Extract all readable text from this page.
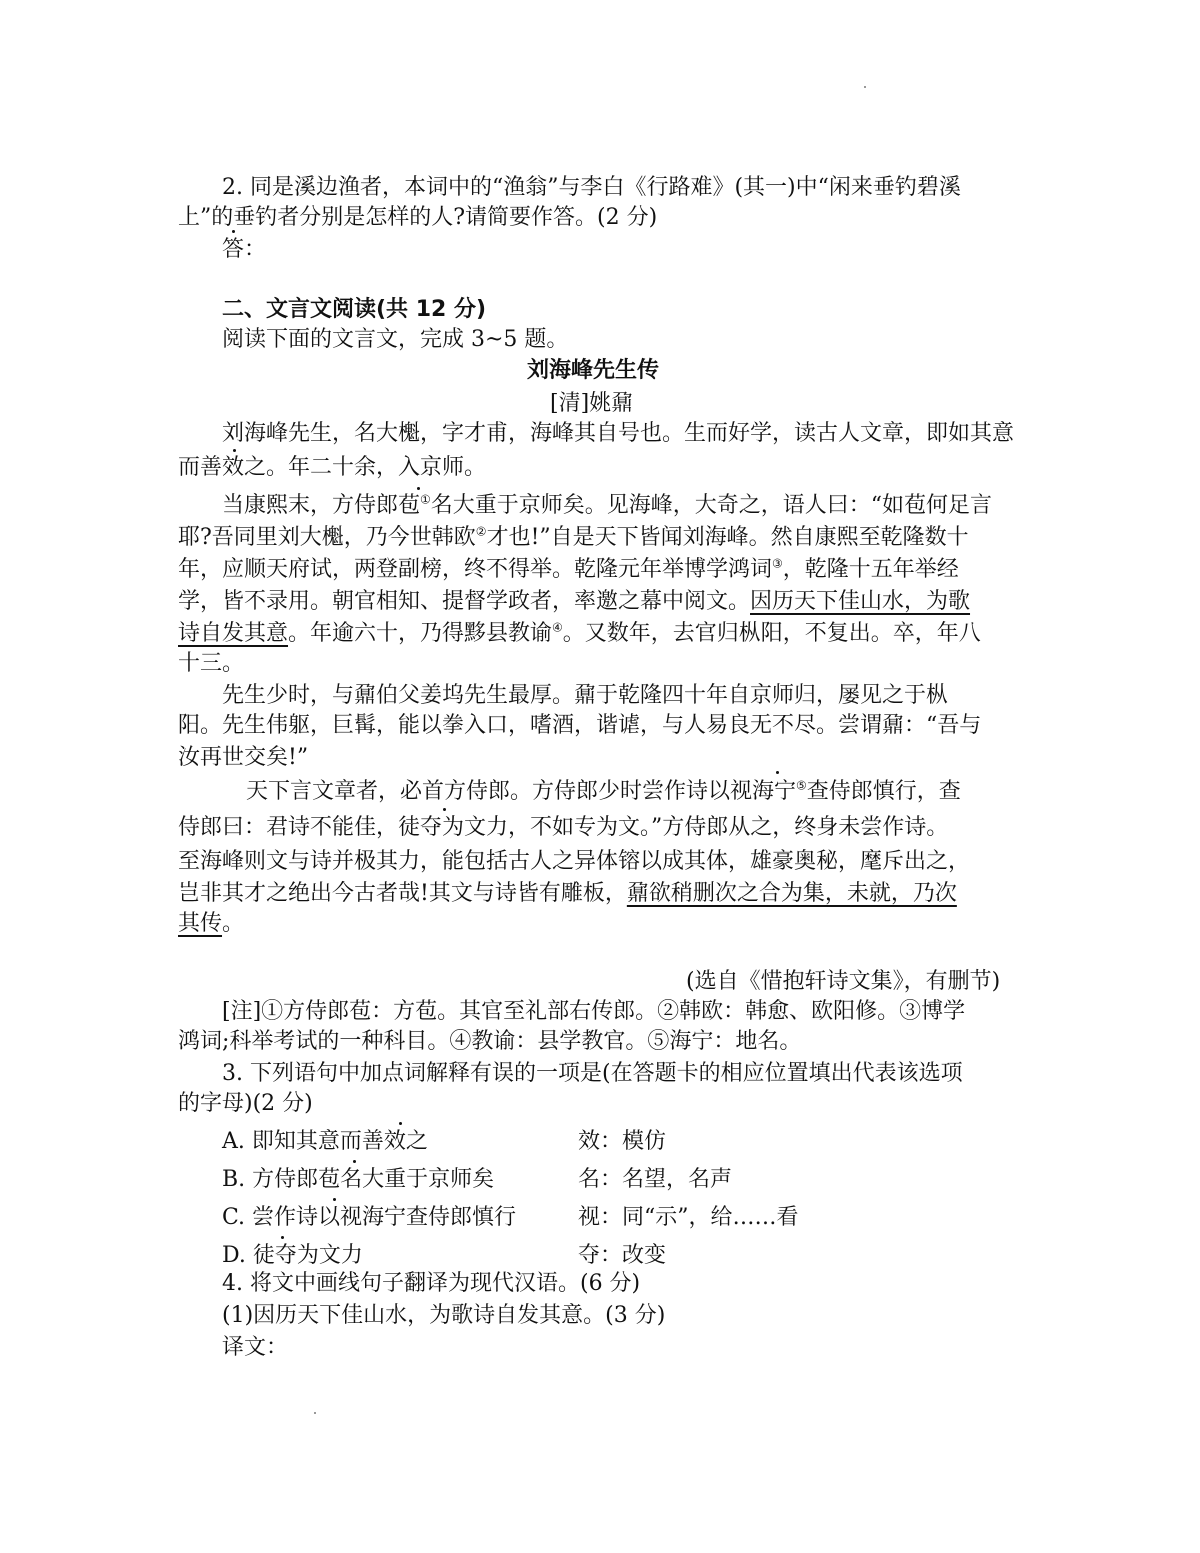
2. 同是溪边渔者，本词中的“渔翁”与李白《行路难》(其一)中“闲来垂钓碧溪
上”的垂钓者分别是怎样的人?请简要作答。(2 分)
答：
二、文言文阅读(共 12 分)
阅读下面的文言文，完成 3~5 题。
刘海峰先生传
[清]姚鼐
刘海峰先生，名大櫆，字才甫，海峰其自号也。生而好学，读古人文章，即如其意
而善效之。年二十余，入京师。
当康熙末，方侍郎苞①名大重于京师矣。见海峰，大奇之，语人曰：“如苞何足言
耶?吾同里刘大櫆，乃今世韩欧②才也!”自是天下皆闻刘海峰。然自康熙至乾隆数十
年，应顺天府试，两登副榜，终不得举。乾隆元年举博学鸿词③，乾隆十五年举经
学，皆不录用。朝官相知、提督学政者，率邀之幕中阅文。因历天下佳山水，为歌
诗自发其意。年逾六十，乃得黟县教谕④。又数年，去官归枞阳，不复出。卒，年八
十三。
先生少时，与鼐伯父姜坞先生最厚。鼐于乾隆四十年自京师归，屡见之于枞
阳。先生伟躯，巨髯，能以拳入口，嗜酒，谐谑，与人易良无不尽。尝谓鼐：“吾与
汝再世交矣!”
天下言文章者，必首方侍郎。方侍郎少时尝作诗以视海宁⑤查侍郎慎行，查
侍郎曰：君诗不能佳，徒夺为文力，不如专为文。”方侍郎从之，终身未尝作诗。
至海峰则文与诗并极其力，能包括古人之异体镕以成其体，雄豪奥秘，麾斥出之，
岂非其才之绝出今古者哉!其文与诗皆有雕板，鼐欲稍删次之合为集，未就，乃次
其传。
(选自《惜抱轩诗文集》，有删节)
[注]①方侍郎苞：方苞。其官至礼部右传郎。②韩欧：韩愈、欧阳修。③博学
鸿词;科举考试的一种科目。④教谕：县学教官。⑤海宁：地名。
3. 下列语句中加点词解释有误的一项是(在答题卡的相应位置填出代表该选项
的字母)(2 分)
A. 即知其意而善效之	效：模仿
B. 方侍郎苞名大重于京师矣	名：名望，名声
C. 尝作诗以视海宁查侍郎慎行	视：同“示”，给……看
D. 徒夺为文力	夺：改变
4. 将文中画线句子翻译为现代汉语。(6 分)
(1)因历天下佳山水，为歌诗自发其意。(3 分)
译文：
